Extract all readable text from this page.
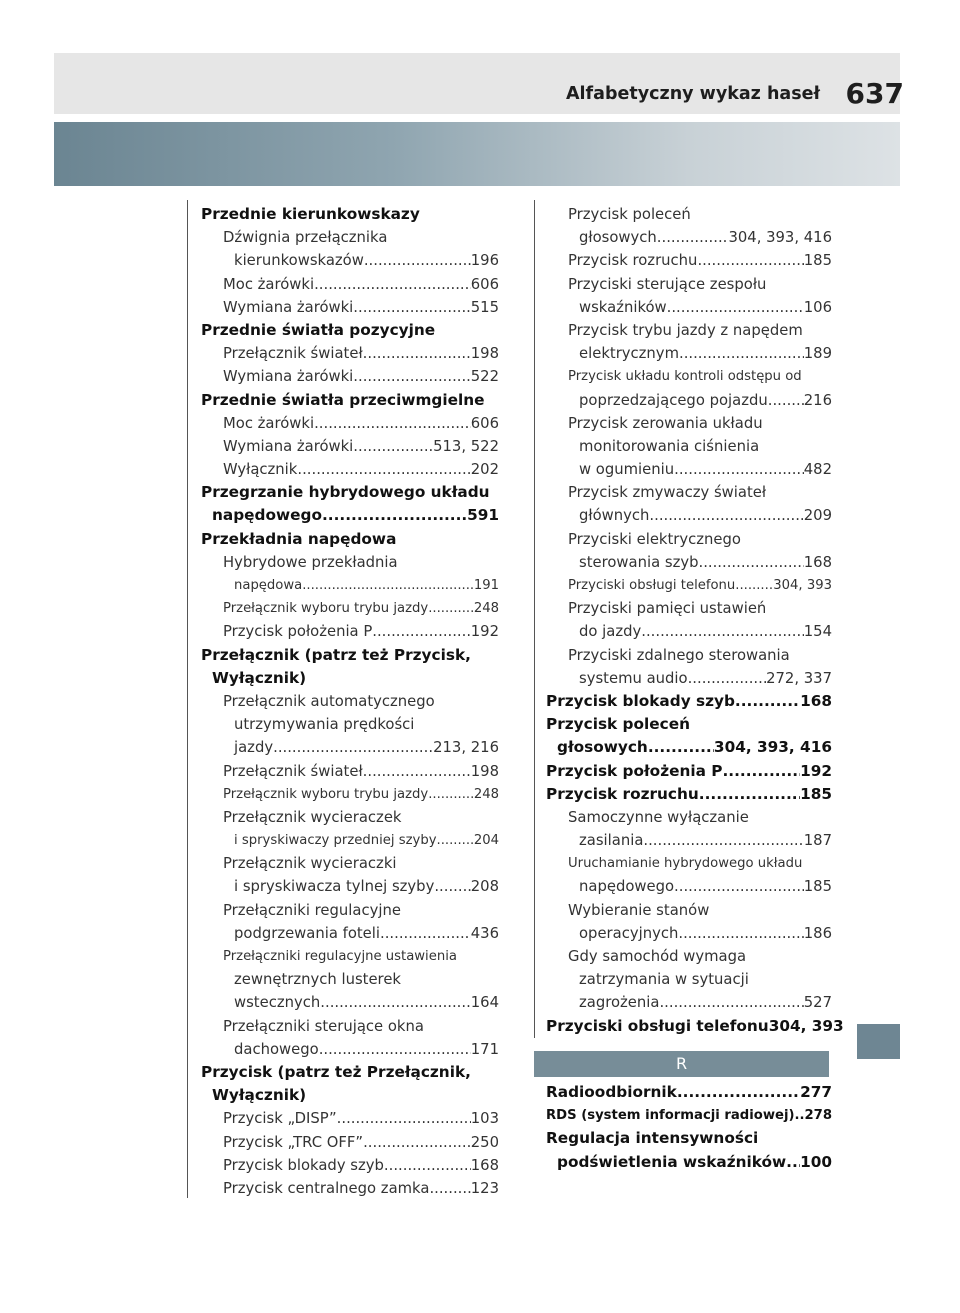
Alfabetyczny wykaz haseł 637
Przednie kierunkowskazy
Dźwignia przełącznika
kierunkowskazów .....	196
Moc żarówki .....	606
Wymiana żarówki .....	515
Przednie światła pozycyjne
Przełącznik świateł .....	198
Wymiana żarówki .....	522
Przednie światła przeciwmgielne
Moc żarówki .....	606
Wymiana żarówki .....	513, 522
Wyłącznik .....	202
Przegrzanie hybrydowego układu
napędowego .....	591
Przekładnia napędowa
Hybrydowe przekładnia
napędowa .....	191
Przełącznik wyboru trybu jazdy .....	248
Przycisk położenia P .....	192
Przełącznik (patrz też Przycisk,
Wyłącznik)
Przełącznik automatycznego
utrzymywania prędkości
jazdy .....	213, 216
Przełącznik świateł .....	198
Przełącznik wyboru trybu jazdy .....	248
Przełącznik wycieraczek
i spryskiwaczy przedniej szyby .....	204
Przełącznik wycieraczki
i spryskiwacza tylnej szyby ..... 208
Przełączniki regulacyjne
podgrzewania foteli .....	436
Przełączniki regulacyjne ustawienia
zewnętrznych lusterek
wstecznych .....	164
Przełączniki sterujące okna
dachowego .....	171
Przycisk (patrz też Przełącznik,
Wyłącznik)
Przycisk „DISP” .....	103
Przycisk „TRC OFF” .....	250
Przycisk blokady szyb .....	168
Przycisk centralnego zamka .....	123
Przycisk poleceń
głosowych .....	304, 393, 416
Przycisk rozruchu .....	185
Przyciski sterujące zespołu
wskaźników .....	106
Przycisk trybu jazdy z napędem
elektrycznym .....	189
Przycisk układu kontroli odstępu od
poprzedzającego pojazdu ..... 216
Przycisk zerowania układu
monitorowania ciśnienia
w ogumieniu .....	482
Przycisk zmywaczy świateł
głównych .....	209
Przyciski elektrycznego
sterowania szyb .....	168
Przyciski obsługi telefonu .....	304, 393
Przyciski pamięci ustawień
do jazdy .....	154
Przyciski zdalnego sterowania
systemu audio .....	272, 337
Przycisk blokady szyb .....	168
Przycisk poleceń
głosowych .....	304, 393, 416
Przycisk położenia P .....	192
Przycisk rozruchu .....	185
Samoczynne wyłączanie
zasilania .....	187
Uruchamianie hybrydowego układu
napędowego .....	185
Wybieranie stanów
operacyjnych .....	186
Gdy samochód wymaga
zatrzymania w sytuacji
zagrożenia .....	527
Przyciski obsługi telefonu 304, 393
R
Radioodbiornik .....	277
RDS (system informacji radiowej) ..... 278
Regulacja intensywności
podświetlenia wskaźników ..... 100
